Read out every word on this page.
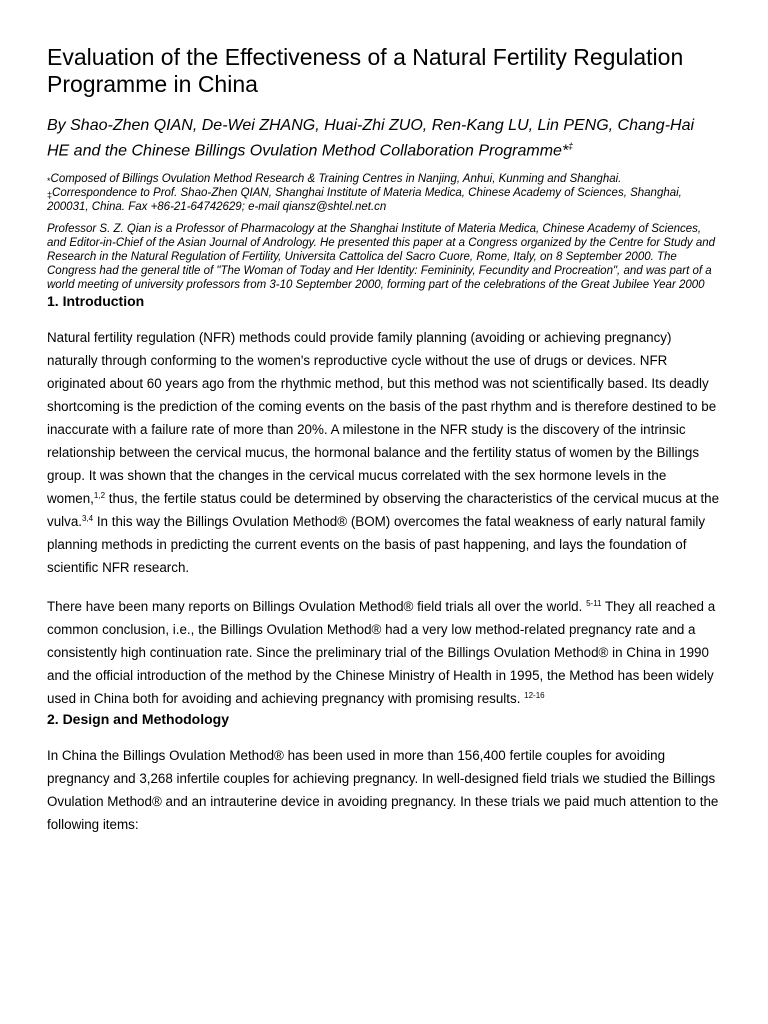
Evaluation of the Effectiveness of a Natural Fertility Regulation Programme in China

By Shao-Zhen QIAN, De-Wei ZHANG, Huai-Zhi ZUO, Ren-Kang LU, Lin PENG, Chang-Hai HE and the Chinese Billings Ovulation Method Collaboration Programme*‡

*Composed of Billings Ovulation Method Research & Training Centres in Nanjing, Anhui, Kunming and Shanghai.

‡Correspondence to Prof. Shao-Zhen QIAN, Shanghai Institute of Materia Medica, Chinese Academy of Sciences, Shanghai, 200031, China. Fax +86-21-64742629; e-mail qiansz@shtel.net.cn

Professor S. Z. Qian is a Professor of Pharmacology at the Shanghai Institute of Materia Medica, Chinese Academy of Sciences, and Editor-in-Chief of the Asian Journal of Andrology. He presented this paper at a Congress organized by the Centre for Study and Research in the Natural Regulation of Fertility, Universita Cattolica del Sacro Cuore, Rome, Italy, on 8 September 2000. The Congress had the general title of "The Woman of Today and Her Identity: Femininity, Fecundity and Procreation", and was part of a world meeting of university professors from 3-10 September 2000, forming part of the celebrations of the Great Jubilee Year 2000

1. Introduction

Natural fertility regulation (NFR) methods could provide family planning (avoiding or achieving pregnancy) naturally through conforming to the women's reproductive cycle without the use of drugs or devices. NFR originated about 60 years ago from the rhythmic method, but this method was not scientifically based. Its deadly shortcoming is the prediction of the coming events on the basis of the past rhythm and is therefore destined to be inaccurate with a failure rate of more than 20%. A milestone in the NFR study is the discovery of the intrinsic relationship between the cervical mucus, the hormonal balance and the fertility status of women by the Billings group. It was shown that the changes in the cervical mucus correlated with the sex hormone levels in the women,$^{1,2}$ thus, the fertile status could be determined by observing the characteristics of the cervical mucus at the vulva.$^{3,4}$ In this way the Billings Ovulation Method® (BOM) overcomes the fatal weakness of early natural family planning methods in predicting the current events on the basis of past happening, and lays the foundation of scientific NFR research.

There have been many reports on Billings Ovulation Method® field trials all over the world. $^{5-11}$ They all reached a common conclusion, i.e., the Billings Ovulation Method® had a very low method-related pregnancy rate and a consistently high continuation rate. Since the preliminary trial of the Billings Ovulation Method® in China in 1990 and the official introduction of the method by the Chinese Ministry of Health in 1995, the Method has been widely used in China both for avoiding and achieving pregnancy with promising results. $^{12-16}$

2. Design and Methodology

In China the Billings Ovulation Method® has been used in more than 156,400 fertile couples for avoiding pregnancy and 3,268 infertile couples for achieving pregnancy. In well-designed field trials we studied the Billings Ovulation Method® and an intrauterine device in avoiding pregnancy. In these trials we paid much attention to the following items:
